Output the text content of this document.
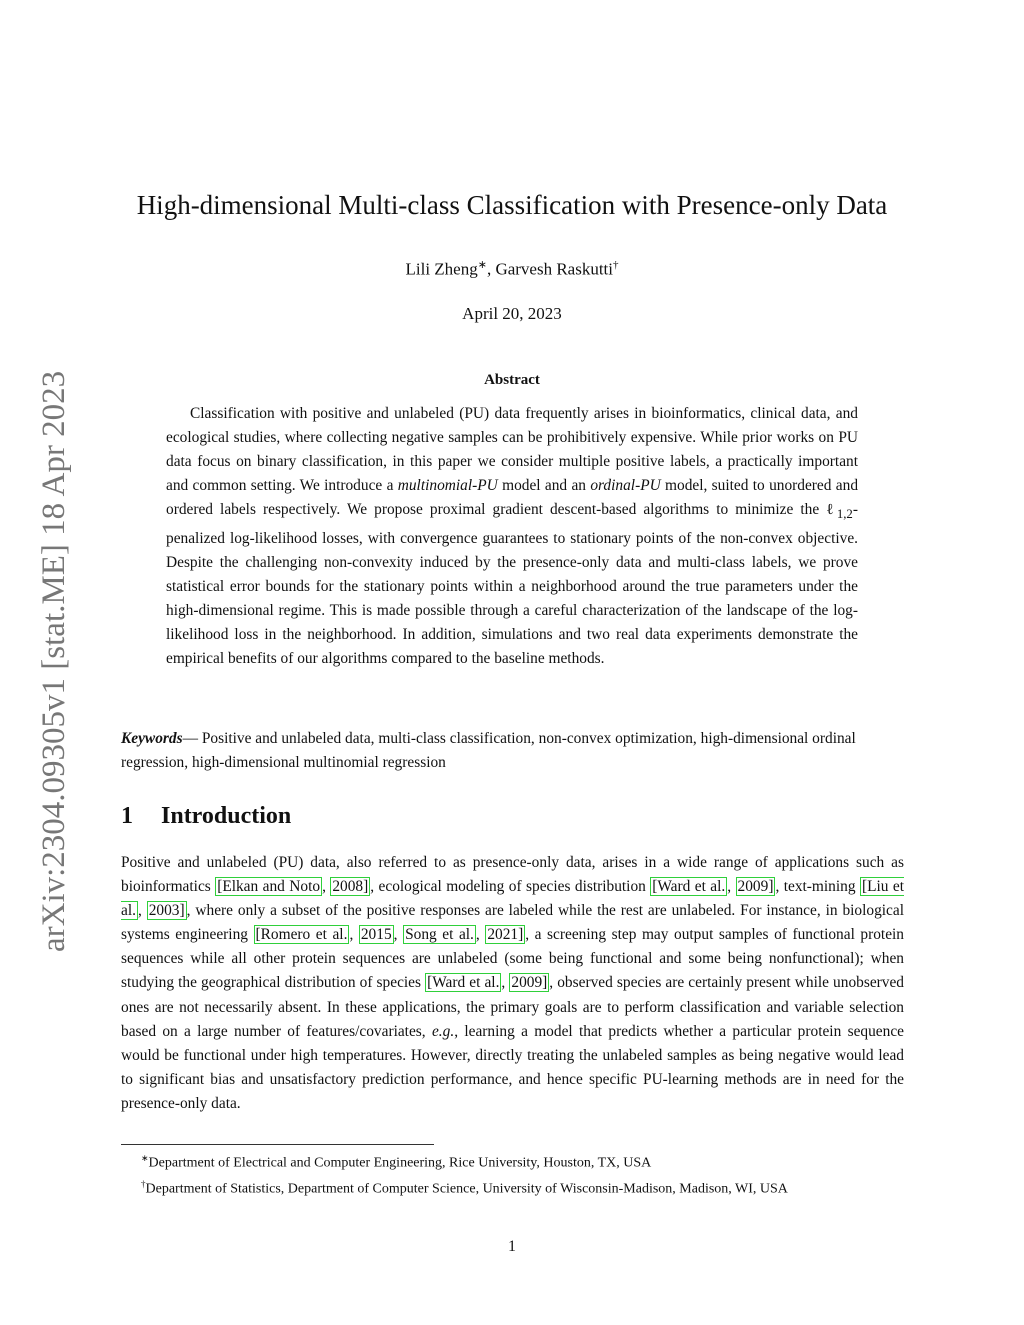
arXiv:2304.09305v1 [stat.ME] 18 Apr 2023
High-dimensional Multi-class Classification with Presence-only Data
Lili Zheng∗, Garvesh Raskutti†
April 20, 2023
Abstract
Classification with positive and unlabeled (PU) data frequently arises in bioinformatics, clinical data, and ecological studies, where collecting negative samples can be prohibitively expensive. While prior works on PU data focus on binary classification, in this paper we consider multiple positive labels, a practically important and common setting. We introduce a multinomial-PU model and an ordinal-PU model, suited to unordered and ordered labels respectively. We propose proximal gradient descent-based algorithms to minimize the ℓ$_{1,2}$-penalized log-likelihood losses, with convergence guarantees to stationary points of the non-convex objective. Despite the challenging non-convexity induced by the presence-only data and multi-class labels, we prove statistical error bounds for the stationary points within a neighborhood around the true parameters under the high-dimensional regime. This is made possible through a careful characterization of the landscape of the log-likelihood loss in the neighborhood. In addition, simulations and two real data experiments demonstrate the empirical benefits of our algorithms compared to the baseline methods.
Keywords— Positive and unlabeled data, multi-class classification, non-convex optimization, high-dimensional ordinal regression, high-dimensional multinomial regression
1 Introduction
Positive and unlabeled (PU) data, also referred to as presence-only data, arises in a wide range of applications such as bioinformatics [Elkan and Noto , 2008] , ecological modeling of species distribution [Ward et al. , 2009] , text-mining [Liu et al. , 2003] , where only a subset of the positive responses are labeled while the rest are unlabeled. For instance, in biological systems engineering [Romero et al. , 2015 , Song et al. , 2021] , a screening step may output samples of functional protein sequences while all other protein sequences are unlabeled (some being functional and some being nonfunctional); when studying the geographical distribution of species [Ward et al. , 2009] , observed species are certainly present while unobserved ones are not necessarily absent. In these applications, the primary goals are to perform classification and variable selection based on a large number of features/covariates, e.g., learning a model that predicts whether a particular protein sequence would be functional under high temperatures. However, directly treating the unlabeled samples as being negative would lead to significant bias and unsatisfactory prediction performance, and hence specific PU-learning methods are in need for the presence-only data.

∗Department of Electrical and Computer Engineering, Rice University, Houston, TX, USA

†Department of Statistics, Department of Computer Science, University of Wisconsin-Madison, Madison, WI, USA

1
